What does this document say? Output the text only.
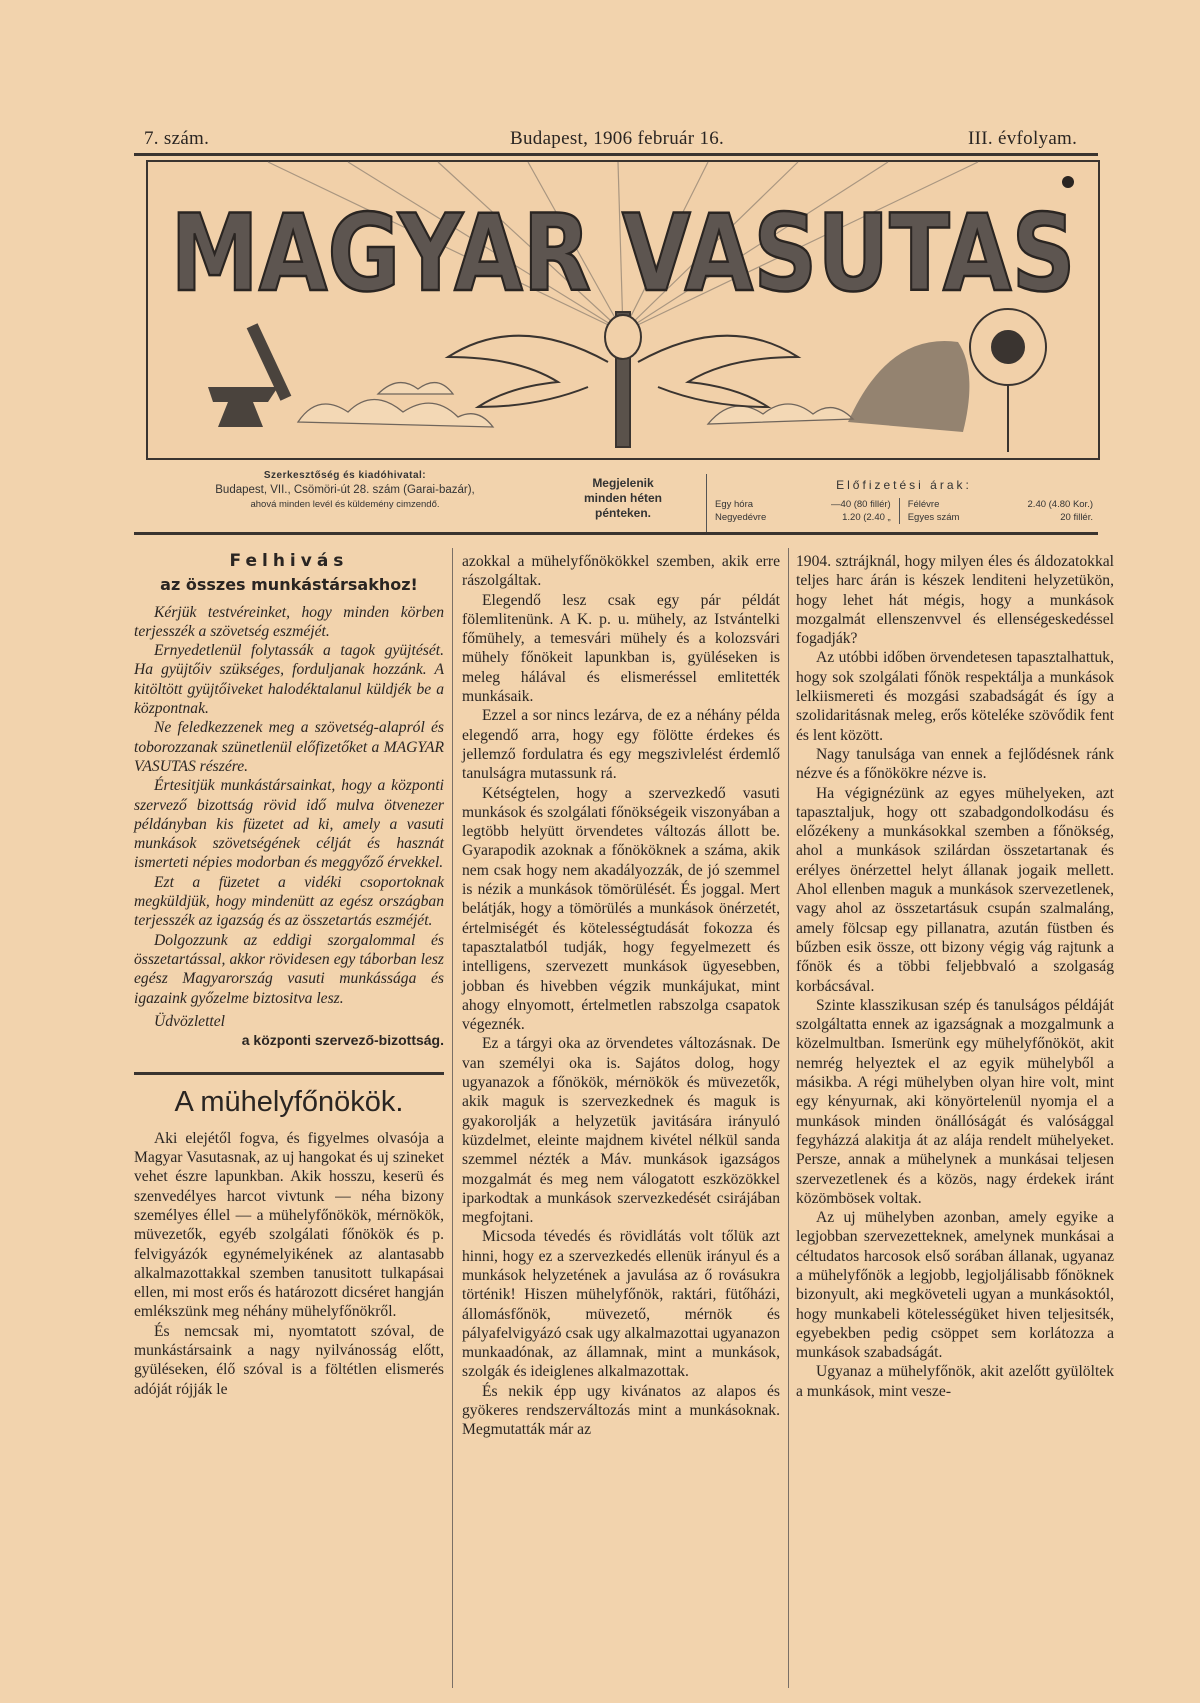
7. szám.	Budapest, 1906 február 16.	III. évfolyam.
MAGYAR VASUTAS
Szerkesztőség és kiadóhivatal:
Budapest, VII., Csömöri-út 28. szám (Garai-bazár),
ahová minden levél és küldemény cimzendő.
Megjelenik
minden héten
pénteken.
Előfizetési árak:
Egy hóra	—40 (80 fillér)	Félévre	2.40 (4.80 Kor.)
Negyedévre	1.20 (2.40 „	Egyes szám	20 fillér.
Felhivás
az összes munkástársakhoz!

Kérjük testvéreinket, hogy minden körben terjesszék a szövetség eszméjét.

Ernyedetlenül folytassák a tagok gyüjtését. Ha gyüjtőiv szükséges, forduljanak hozzánk. A kitöltött gyüjtőiveket halodéktalanul küldjék be a központnak.

Ne feledkezzenek meg a szövetség-alapról és toborozzanak szünetlenül előfizetőket a MAGYAR VASUTAS részére.

Értesitjük munkástársainkat, hogy a központi szervező bizottság rövid idő mulva ötvenezer példányban kis füzetet ad ki, amely a vasuti munkások szövetségének célját és hasznát ismerteti népies modorban és meggyőző érvekkel.

Ezt a füzetet a vidéki csoportoknak megküldjük, hogy mindenütt az egész országban terjesszék az igazság és az összetartás eszméjét.

Dolgozzunk az eddigi szorgalommal és összetartással, akkor rövidesen egy táborban lesz egész Magyarország vasuti munkássága és igazaink győzelme biztositva lesz.

Üdvözlettel

a központi szervező-bizottság.
A mühelyfőnökök.

Aki elejétől fogva, és figyelmes olvasója a Magyar Vasutasnak, az uj hangokat és uj szineket vehet észre lapunkban. Akik hosszu, keserü és szenvedélyes harcot vivtunk — néha bizony személyes éllel — a mühelyfőnökök, mérnökök, müvezetők, egyéb szolgálati főnökök és p. felvigyázók egynémelyikének az alantasabb alkalmazottakkal szemben tanusitott tulkapásai ellen, mi most erős és határozott dicséret hangján emlékszünk meg néhány mühelyfőnökről.

És nemcsak mi, nyomtatott szóval, de munkástársaink a nagy nyilvánosság előtt, gyüléseken, élő szóval is a föltétlen elismerés adóját rójják le

azokkal a mühelyfőnökökkel szemben, akik erre rászolgáltak.

Elegendő lesz csak egy pár példát fölemlitenünk. A K. p. u. mühely, az Istvántelki főmühely, a temesvári mühely és a kolozsvári mühely főnökeit lapunkban is, gyüléseken is meleg hálával és elismeréssel emlitették munkásaik.

Ezzel a sor nincs lezárva, de ez a néhány példa elegendő arra, hogy egy fölötte érdekes és jellemző fordulatra és egy megszivlelést érdemlő tanulságra mutassunk rá.

Kétségtelen, hogy a szervezkedő vasuti munkások és szolgálati főnökségeik viszonyában a legtöbb helyütt örvendetes változás állott be. Gyarapodik azoknak a főnököknek a száma, akik nem csak hogy nem akadályozzák, de jó szemmel is nézik a munkások tömörülését. És joggal. Mert belátják, hogy a tömörülés a munkások önérzetét, értelmiségét és kötelességtudását fokozza és tapasztalatból tudják, hogy fegyelmezett és intelligens, szervezett munkások ügyesebben, jobban és hivebben végzik munkájukat, mint ahogy elnyomott, értelmetlen rabszolga csapatok végeznék.

Ez a tárgyi oka az örvendetes változásnak. De van személyi oka is. Sajátos dolog, hogy ugyanazok a főnökök, mérnökök és müvezetők, akik maguk is szervezkednek és maguk is gyakorolják a helyzetük javitására irányuló küzdelmet, eleinte majdnem kivétel nélkül sanda szemmel nézték a Máv. munkások igazságos mozgalmát és meg nem válogatott eszközökkel iparkodtak a munkások szervezkedését csirájában megfojtani.

Micsoda tévedés és rövidlátás volt tőlük azt hinni, hogy ez a szervezkedés ellenük irányul és a munkások helyzetének a javulása az ő rovásukra történik! Hiszen mühelyfőnök, raktári, fütőházi, állomásfőnök, müvezető, mérnök és pályafelvigyázó csak ugy alkalmazottai ugyanazon munkaadónak, az államnak, mint a munkások, szolgák és ideiglenes alkalmazottak.

És nekik épp ugy kivánatos az alapos és gyökeres rendszerváltozás mint a munkásoknak. Megmutatták már az

1904. sztrájknál, hogy milyen éles és áldozatokkal teljes harc árán is készek lenditeni helyzetükön, hogy lehet hát mégis, hogy a munkások mozgalmát ellenszenvvel és ellenségeskedéssel fogadják?

Az utóbbi időben örvendetesen tapasztalhattuk, hogy sok szolgálati főnök respektálja a munkások lelkiismereti és mozgási szabadságát és így a szolidaritásnak meleg, erős köteléke szövődik fent és lent között.

Nagy tanulsága van ennek a fejlődésnek ránk nézve és a főnökökre nézve is.

Ha végignézünk az egyes mühelyeken, azt tapasztaljuk, hogy ott szabadgondolkodásu és előzékeny a munkásokkal szemben a főnökség, ahol a munkások szilárdan összetartanak és erélyes önérzettel helyt állanak jogaik mellett. Ahol ellenben maguk a munkások szervezetlenek, vagy ahol az összetartásuk csupán szalmaláng, amely fölcsap egy pillanatra, azután füstben és bűzben esik össze, ott bizony végig vág rajtunk a főnök és a többi feljebbvaló a szolgaság korbácsával.

Szinte klasszikusan szép és tanulságos példáját szolgáltatta ennek az igazságnak a mozgalmunk a közelmultban. Ismerünk egy mühelyfőnököt, akit nemrég helyeztek el az egyik mühelyből a másikba. A régi mühelyben olyan hire volt, mint egy kényurnak, aki könyörtelenül nyomja el a munkások minden önállóságát és valósággal fegyházzá alakitja át az alája rendelt mühelyeket. Persze, annak a mühelynek a munkásai teljesen szervezetlenek és a közös, nagy érdekek iránt közömbösek voltak.

Az uj mühelyben azonban, amely egyike a legjobban szervezetteknek, amelynek munkásai a céltudatos harcosok első sorában állanak, ugyanaz a mühelyfőnök a legjobb, legjoljálisabb főnöknek bizonyult, aki megköveteli ugyan a munkásoktól, hogy munkabeli kötelességüket hiven teljesitsék, egyebekben pedig csöppet sem korlátozza a munkások szabadságát.

Ugyanaz a mühelyfőnök, akit azelőtt gyülöltek a munkások, mint vesze-
